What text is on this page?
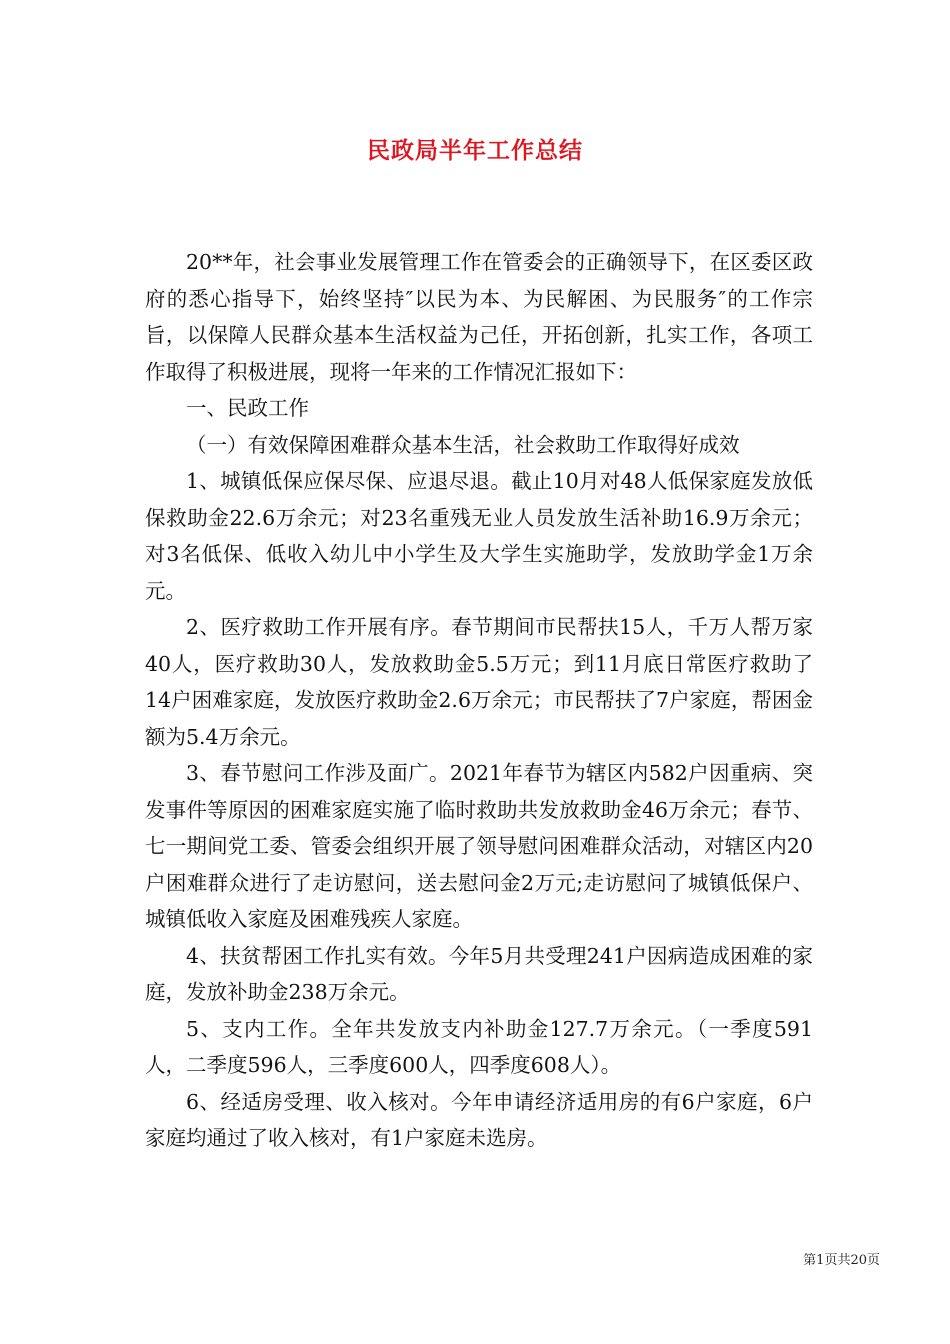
民政局半年工作总结

20**年，社会事业发展管理工作在管委会的正确领导下，在区委区政府的悉心指导下，始终坚持″以民为本、为民解困、为民服务″的工作宗旨，以保障人民群众基本生活权益为己任，开拓创新，扎实工作，各项工作取得了积极进展，现将一年来的工作情况汇报如下：

一、民政工作

（一）有效保障困难群众基本生活，社会救助工作取得好成效

1、城镇低保应保尽保、应退尽退。截止10月对48人低保家庭发放低保救助金22.6万余元；对23名重残无业人员发放生活补助16.9万余元；对3名低保、低收入幼儿中小学生及大学生实施助学，发放助学金1万余元。

2、医疗救助工作开展有序。春节期间市民帮扶15人，千万人帮万家40人，医疗救助30人，发放救助金5.5万元；到11月底日常医疗救助了14户困难家庭，发放医疗救助金2.6万余元；市民帮扶了7户家庭，帮困金额为5.4万余元。

3、春节慰问工作涉及面广。2021年春节为辖区内582户因重病、突发事件等原因的困难家庭实施了临时救助共发放救助金46万余元；春节、七一期间党工委、管委会组织开展了领导慰问困难群众活动，对辖区内20户困难群众进行了走访慰问，送去慰问金2万元;走访慰问了城镇低保户、城镇低收入家庭及困难残疾人家庭。

4、扶贫帮困工作扎实有效。今年5月共受理241户因病造成困难的家庭，发放补助金238万余元。

5、支内工作。全年共发放支内补助金127.7万余元。（一季度591人，二季度596人，三季度600人，四季度608人）。

6、经适房受理、收入核对。今年申请经济适用房的有6户家庭，6户家庭均通过了收入核对，有1户家庭未选房。

第1页共20页
